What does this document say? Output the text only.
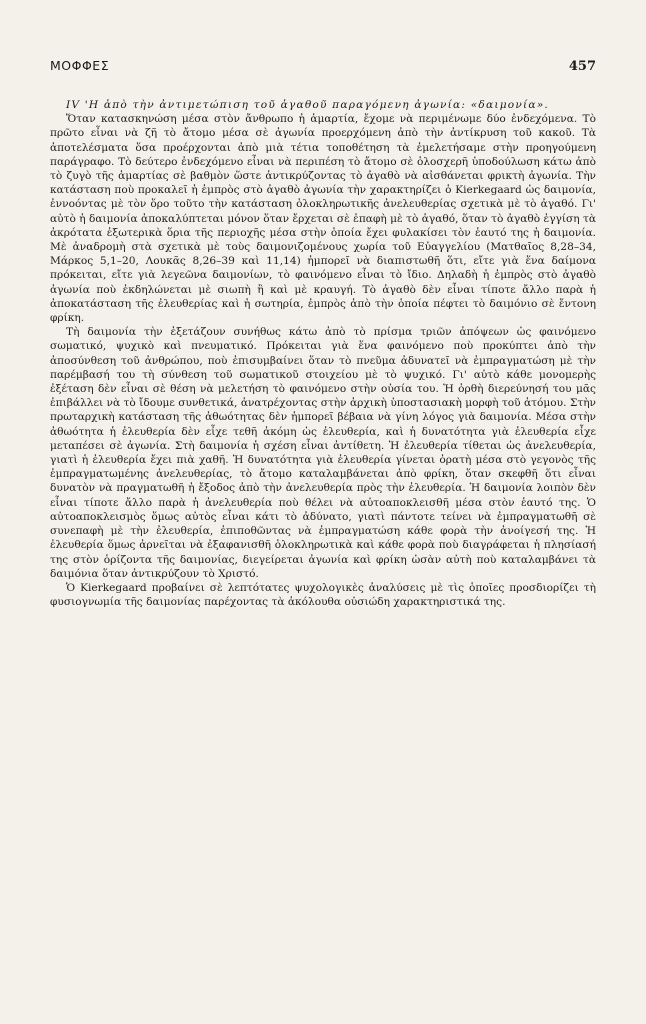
ΜΟΦΦΕΣ	457

IV 'Η ἀπὸ τὴν ἀντιμετώπιση τοῦ ἀγαθοῦ παραγόμενη ἀγωνία: «δαιμονία».

Ὅταν κατασκηνώση μέσα στὸν ἄνθρωπο ἡ ἁμαρτία, ἔχομε νὰ περιμένωμε δύο ἐνδεχόμενα. Τὸ πρῶτο εἶναι νὰ ζῆ τὸ ἄτομο μέσα σὲ ἀγωνία προερχόμενη ἀπὸ τὴν ἀντίκρυση τοῦ κακοῦ. Τὰ ἀποτελέσματα ὅσα προέρχονται ἀπὸ μιὰ τέτια τοποθέτηση τὰ ἐμελετήσαμε στὴν προηγούμενη παράγραφο. Τὸ δεύτερο ἐνδεχόμενο εἶναι νὰ περιπέση τὸ ἄτομο σὲ ὁλοσχερῆ ὑποδούλωση κάτω ἀπὸ τὸ ζυγὸ τῆς ἁμαρτίας σὲ βαθμὸν ὥστε ἀντικρύζοντας τὸ ἀγαθὸ νὰ αἰσθάνεται φρικτὴ ἀγωνία. Τὴν κατάσταση ποὺ προκαλεῖ ἡ ἐμπρὸς στὸ ἀγαθὸ ἀγωνία τὴν χαρακτηρίζει ὁ Kierkegaard ὡς δαιμονία, ἐννοόντας μὲ τὸν ὅρο τοῦτο τὴν κατάσταση ὁλοκληρωτικῆς ἀνελευθερίας σχετικὰ μὲ τὸ ἀγαθό. Γι' αὐτὸ ἡ δαιμονία ἀποκαλύπτεται μόνον ὅταν ἔρχεται σὲ ἐπαφὴ μὲ τὸ ἀγαθό, ὅταν τὸ ἀγαθὸ ἐγγίση τὰ ἀκρότατα ἐξωτερικὰ ὅρια τῆς περιοχῆς μέσα στὴν ὁποία ἔχει φυλακίσει τὸν ἑαυτό της ἡ δαιμονία. Μὲ ἀναδρομὴ στὰ σχετικὰ μὲ τοὺς δαιμονιζομένους χωρία τοῦ Εὐαγγελίου (Ματθαῖος 8,28–34, Μάρκος 5,1–20, Λουκᾶς 8,26–39 καὶ 11,14) ἠμπορεῖ νὰ διαπιστωθῆ ὅτι, εἴτε γιὰ ἕνα δαίμονα πρόκειται, εἴτε γιὰ λεγεῶνα δαιμονίων, τὸ φαινόμενο εἶναι τὸ ἴδιο. Δηλαδὴ ἡ ἐμπρὸς στὸ ἀγαθὸ ἀγωνία ποὺ ἐκδηλώνεται μὲ σιωπὴ ἢ καὶ μὲ κραυγή. Τὸ ἀγαθὸ δὲν εἶναι τίποτε ἄλλο παρὰ ἡ ἀποκατάσταση τῆς ἐλευθερίας καὶ ἡ σωτηρία, ἐμπρὸς ἀπὸ τὴν ὁποία πέφτει τὸ δαιμόνιο σὲ ἔντονη φρίκη.

Τὴ δαιμονία τὴν ἐξετάζουν συνήθως κάτω ἀπὸ τὸ πρίσμα τριῶν ἀπόψεων ὡς φαινόμενο σωματικό, ψυχικὸ καὶ πνευματικό. Πρόκειται γιὰ ἕνα φαινόμενο ποὺ προκύπτει ἀπὸ τὴν ἀποσύνθεση τοῦ ἀνθρώπου, ποὺ ἐπισυμβαίνει ὅταν τὸ πνεῦμα ἀδυνατεῖ νὰ ἐμπραγματώση μὲ τὴν παρέμβασή του τὴ σύνθεση τοῦ σωματικοῦ στοιχείου μὲ τὸ ψυχικό. Γι' αὐτὸ κάθε μονομερὴς ἐξέταση δὲν εἶναι σὲ θέση νὰ μελετήση τὸ φαινόμενο στὴν οὐσία του. Ἡ ὀρθὴ διερεύνησή του μᾶς ἐπιβάλλει νὰ τὸ ἴδουμε συνθετικά, ἀνατρέχοντας στὴν ἀρχικὴ ὑποστασιακὴ μορφὴ τοῦ ἀτόμου. Στὴν πρωταρχικὴ κατάσταση τῆς ἀθωότητας δὲν ἠμπορεῖ βέβαια νὰ γίνη λόγος γιὰ δαιμονία. Μέσα στὴν ἀθωότητα ἡ ἐλευθερία δὲν εἶχε τεθῆ ἀκόμη ὡς ἐλευθερία, καὶ ἡ δυνατότητα γιὰ ἐλευθερία εἶχε μεταπέσει σὲ ἀγωνία. Στὴ δαιμονία ἡ σχέση εἶναι ἀντίθετη. Ἡ ἐλευθερία τίθεται ὡς ἀνελευθερία, γιατὶ ἡ ἐλευθερία ἔχει πιὰ χαθῆ. Ἡ δυνατότητα γιὰ ἐλευθερία γίνεται ὁρατὴ μέσα στὸ γεγονὸς τῆς ἐμπραγματωμένης ἀνελευθερίας, τὸ ἄτομο καταλαμβάνεται ἀπὸ φρίκη, ὅταν σκεφθῆ ὅτι εἶναι δυνατὸν νὰ πραγματωθῆ ἡ ἔξοδος ἀπὸ τὴν ἀνελευθερία πρὸς τὴν ἐλευθερία. Ἡ δαιμονία λοιπὸν δὲν εἶναι τίποτε ἄλλο παρὰ ἡ ἀνελευθερία ποὺ θέλει νὰ αὐτοαποκλεισθῆ μέσα στὸν ἑαυτό της. Ὁ αὐτοαποκλεισμὸς ὅμως αὐτὸς εἶναι κάτι τὸ ἀδύνατο, γιατὶ πάντοτε τείνει νὰ ἐμπραγματωθῆ σὲ συνεπαφὴ μὲ τὴν ἐλευθερία, ἐπιποθῶντας νὰ ἐμπραγματώση κάθε φορὰ τὴν ἀνοίγεσή της. Ἡ ἐλευθερία ὅμως ἀρνεῖται νὰ ἐξαφανισθῆ ὁλοκληρωτικὰ καὶ κάθε φορὰ ποὺ διαγράφεται ἡ πλησίασή της στὸν ὁρίζοντα τῆς δαιμονίας, διεγείρεται ἀγωνία καὶ φρίκη ὡσὰν αὐτὴ ποὺ καταλαμβάνει τὰ δαιμόνια ὅταν ἀντικρύζουν τὸ Χριστό.

Ὁ Kierkegaard προβαίνει σὲ λεπτότατες ψυχολογικὲς ἀναλύσεις μὲ τὶς ὁποῖες προσδιορίζει τὴ φυσιογνωμία τῆς δαιμονίας παρέχοντας τὰ ἀκόλουθα οὐσιώδη χαρακτηριστικά της.
